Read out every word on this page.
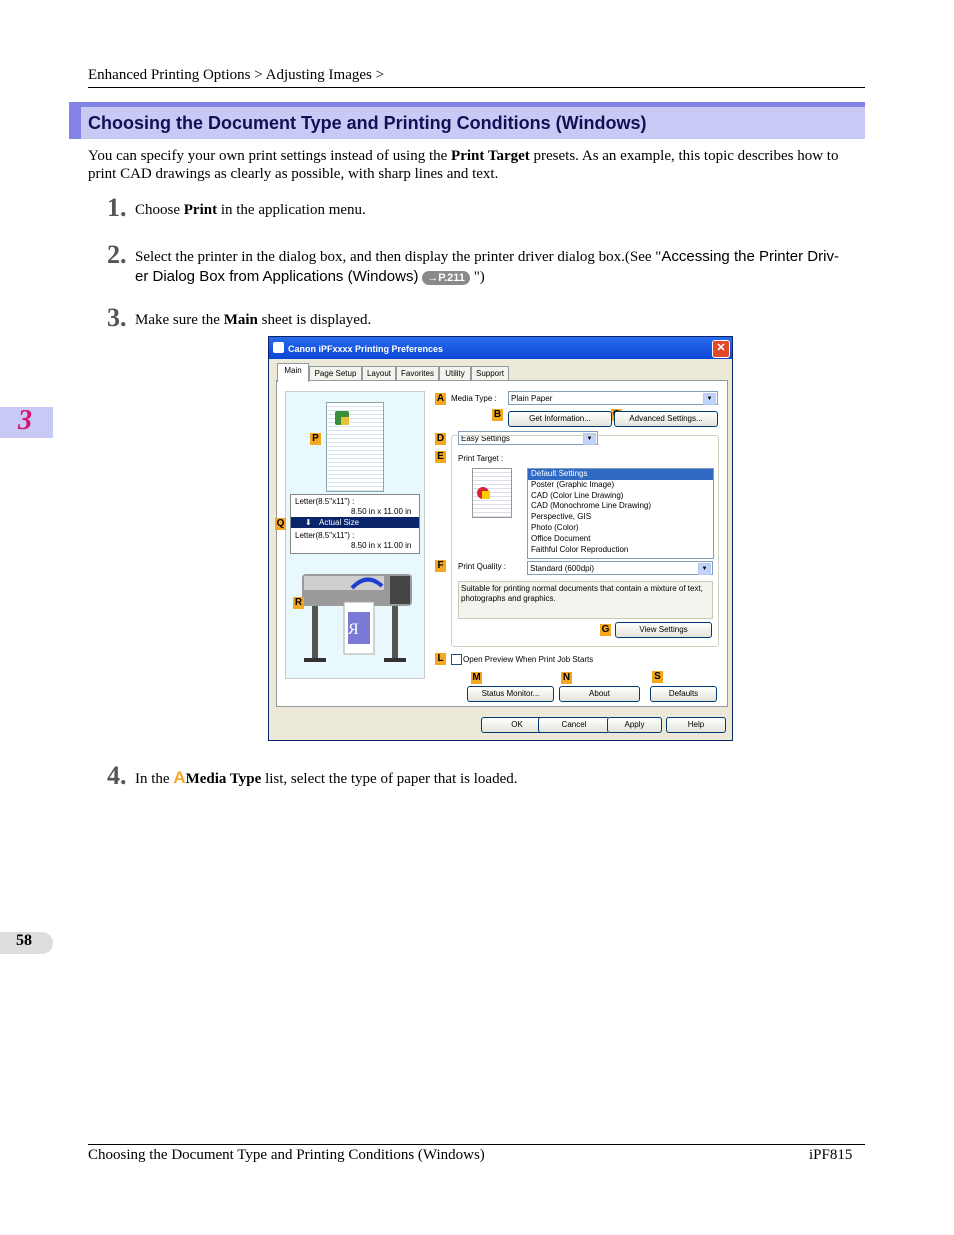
Enhanced Printing Options > Adjusting Images >
Choosing the Document Type and Printing Conditions (Windows)
You can specify your own print settings instead of using the Print Target presets. As an example, this topic describes how to print CAD drawings as clearly as possible, with sharp lines and text.
1. Choose Print in the application menu.
2. Select the printer in the dialog box, and then display the printer driver dialog box.(See "Accessing the Printer Driv-
er Dialog Box from Applications (Windows) →P.211 ")
3. Make sure the Main sheet is displayed.
3
Canon iPFxxxx Printing Preferences	✕
Main	Page Setup	Layout	Favorites	Utility	Support
Letter(8.5"x11") :
8.50 in x 11.00 in
⬇ Actual Size
Letter(8.5"x11") :
8.50 in x 11.00 in
R
A
B
D
E
F
G
L
M	N	S
P
Q
R
Media Type :	Plain Paper	▼
Get Information...	Advanced Settings...
Easy Settings	▼
Print Target :
Default Settings
Poster (Graphic Image)
CAD (Color Line Drawing)
CAD (Monochrome Line Drawing)
Perspective, GIS
Photo (Color)
Office Document
Faithful Color Reproduction
Print Quality :	Standard (600dpi)	▼
Suitable for printing normal documents that contain a mixture of text, photographs and graphics.
View Settings
Open Preview When Print Job Starts
Status Monitor...	About	Defaults
OK	Cancel	Apply	Help
4. In the AMedia Type list, select the type of paper that is loaded.
58
Choosing the Document Type and Printing Conditions (Windows)	iPF815
